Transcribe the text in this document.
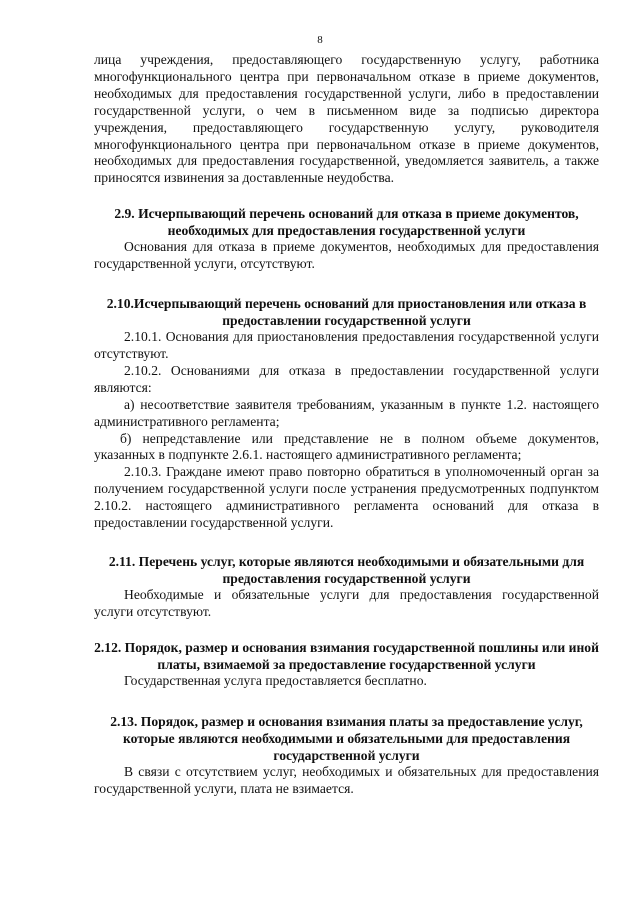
8

лица учреждения, предоставляющего государственную услугу, работника многофункционального центра при первоначальном отказе в приеме документов, необходимых для предоставления государственной услуги, либо в предоставлении государственной услуги, о чем в письменном виде за подписью директора учреждения, предоставляющего государственную услугу, руководителя многофункционального центра при первоначальном отказе в приеме документов, необходимых для предоставления государственной, уведомляется заявитель, а также приносятся извинения за доставленные неудобства.

2.9. Исчерпывающий перечень оснований для отказа в приеме документов, необходимых для предоставления государственной услуги

Основания для отказа в приеме документов, необходимых для предоставления государственной услуги, отсутствуют.

2.10.Исчерпывающий перечень оснований для приостановления или отказа в предоставлении государственной услуги

2.10.1. Основания для приостановления предоставления государственной услуги отсутствуют.

2.10.2. Основаниями для отказа в предоставлении государственной услуги являются:

а) несоответствие заявителя требованиям, указанным в пункте 1.2. настоящего административного регламента;

б) непредставление или представление не в полном объеме документов, указанных в подпункте 2.6.1. настоящего административного регламента;

2.10.3. Граждане имеют право повторно обратиться в уполномоченный орган за получением государственной услуги после устранения предусмотренных подпунктом 2.10.2. настоящего административного регламента оснований для отказа в предоставлении государственной услуги.

2.11. Перечень услуг, которые являются необходимыми и обязательными для предоставления государственной услуги

Необходимые и обязательные услуги для предоставления государственной услуги отсутствуют.

2.12. Порядок, размер и основания взимания государственной пошлины или иной платы, взимаемой за предоставление государственной услуги

Государственная услуга предоставляется бесплатно.

2.13. Порядок, размер и основания взимания платы за предоставление услуг, которые являются необходимыми и обязательными для предоставления государственной услуги

В связи с отсутствием услуг, необходимых и обязательных для предоставления государственной услуги, плата не взимается.
